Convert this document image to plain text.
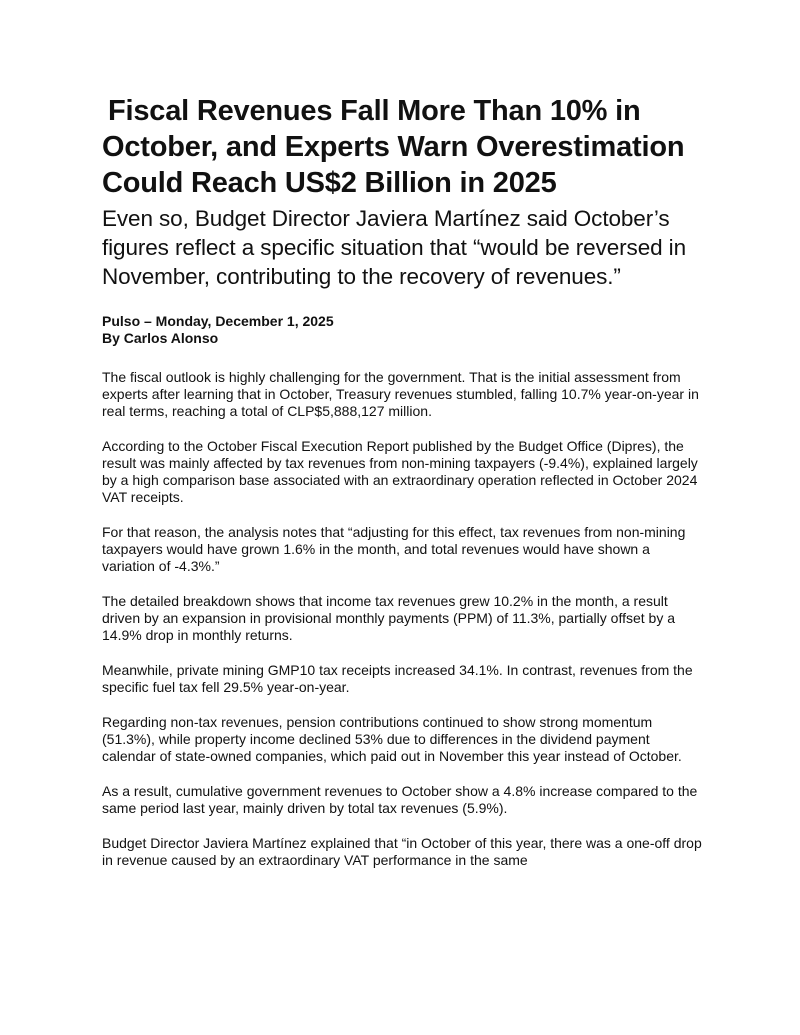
Fiscal Revenues Fall More Than 10% in October, and Experts Warn Overestimation Could Reach US$2 Billion in 2025
Even so, Budget Director Javiera Martínez said October’s figures reflect a specific situation that “would be reversed in November, contributing to the recovery of revenues.”
Pulso – Monday, December 1, 2025
By Carlos Alonso

The fiscal outlook is highly challenging for the government. That is the initial assessment from experts after learning that in October, Treasury revenues stumbled, falling 10.7% year-on-year in real terms, reaching a total of CLP$5,888,127 million.

According to the October Fiscal Execution Report published by the Budget Office (Dipres), the result was mainly affected by tax revenues from non-mining taxpayers (-9.4%), explained largely by a high comparison base associated with an extraordinary operation reflected in October 2024 VAT receipts.

For that reason, the analysis notes that “adjusting for this effect, tax revenues from non-mining taxpayers would have grown 1.6% in the month, and total revenues would have shown a variation of -4.3%.”

The detailed breakdown shows that income tax revenues grew 10.2% in the month, a result driven by an expansion in provisional monthly payments (PPM) of 11.3%, partially offset by a 14.9% drop in monthly returns.

Meanwhile, private mining GMP10 tax receipts increased 34.1%. In contrast, revenues from the specific fuel tax fell 29.5% year-on-year.

Regarding non-tax revenues, pension contributions continued to show strong momentum (51.3%), while property income declined 53% due to differences in the dividend payment calendar of state-owned companies, which paid out in November this year instead of October.

As a result, cumulative government revenues to October show a 4.8% increase compared to the same period last year, mainly driven by total tax revenues (5.9%).

Budget Director Javiera Martínez explained that “in October of this year, there was a one-off drop in revenue caused by an extraordinary VAT performance in the same
